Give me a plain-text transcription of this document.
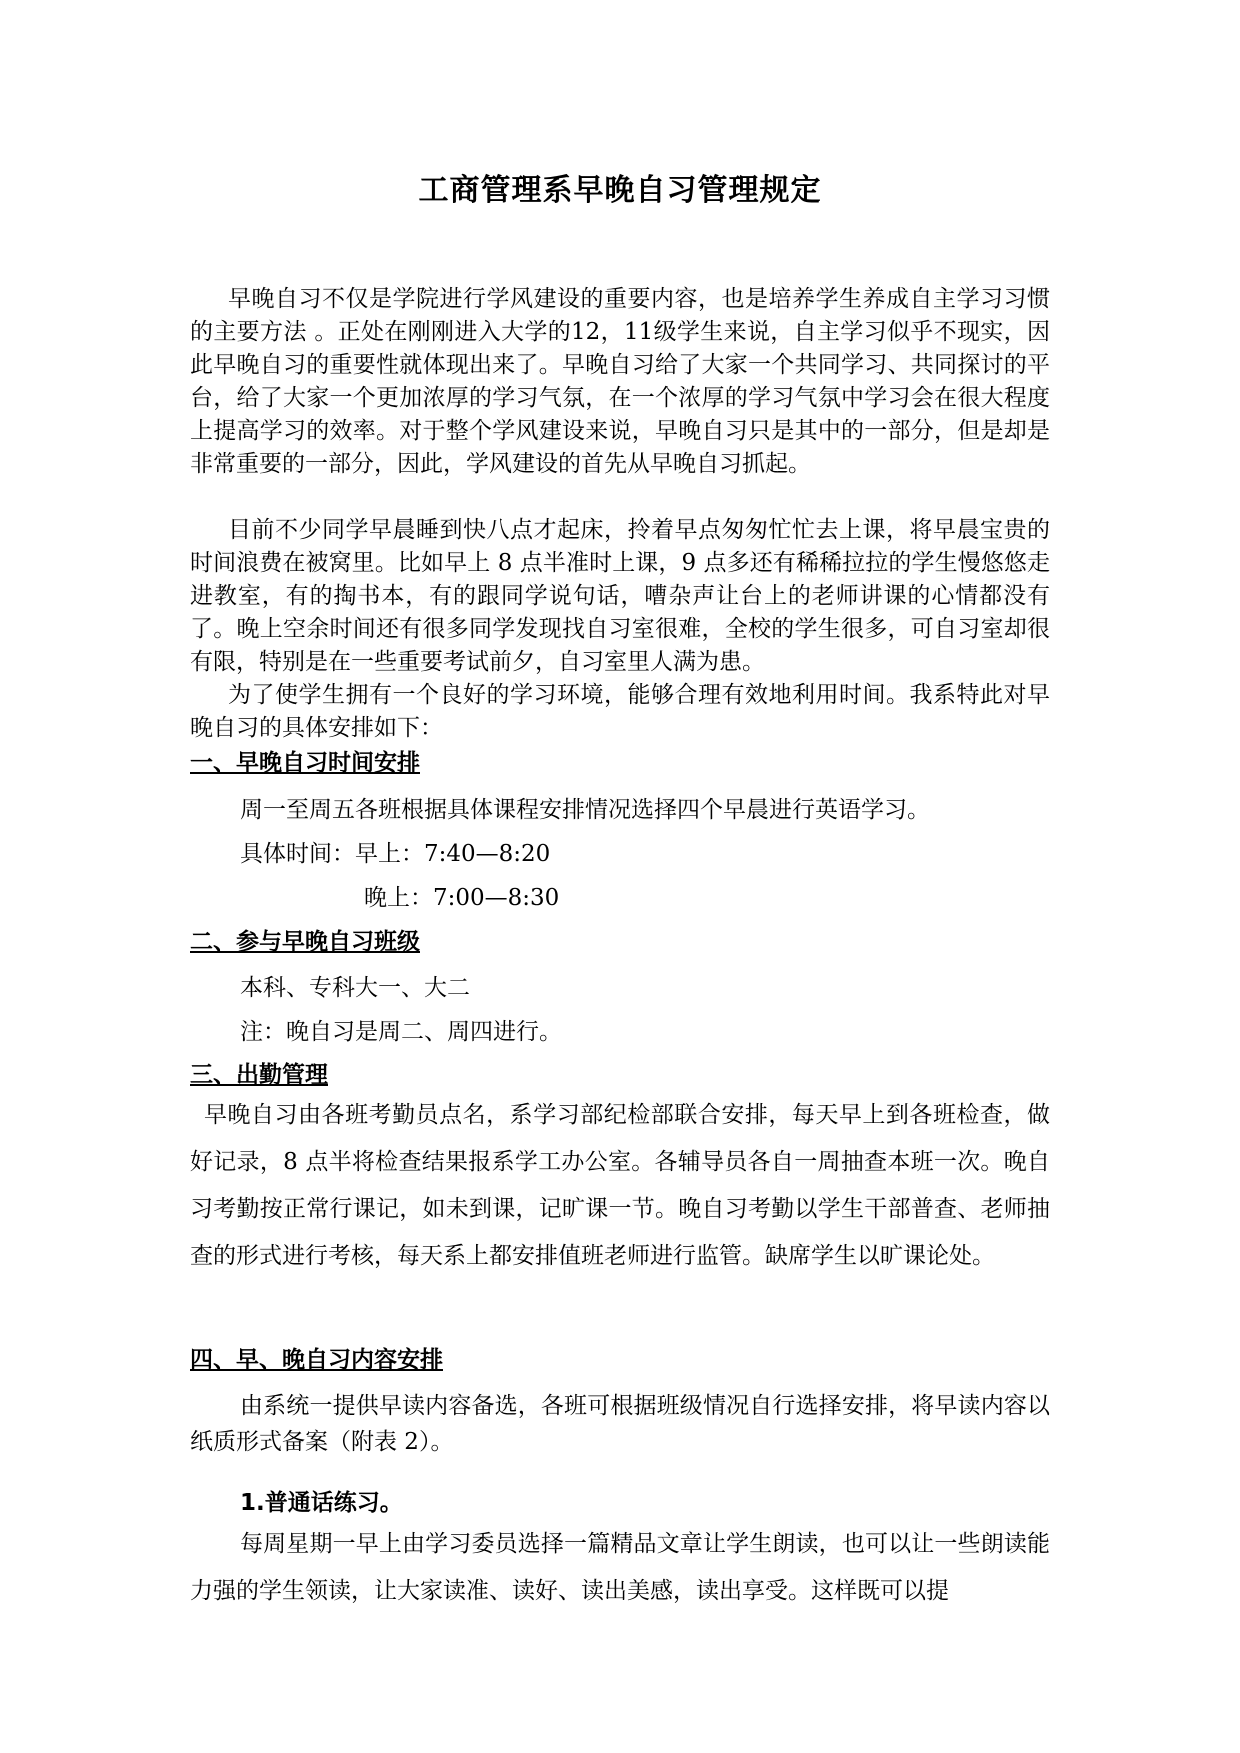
工商管理系早晚自习管理规定

早晚自习不仅是学院进行学风建设的重要内容，也是培养学生养成自主学习习惯的主要方法 。正处在刚刚进入大学的12，11级学生来说，自主学习似乎不现实，因此早晚自习的重要性就体现出来了。早晚自习给了大家一个共同学习、共同探讨的平台，给了大家一个更加浓厚的学习气氛，在一个浓厚的学习气氛中学习会在很大程度上提高学习的效率。对于整个学风建设来说，早晚自习只是其中的一部分，但是却是非常重要的一部分，因此，学风建设的首先从早晚自习抓起。

目前不少同学早晨睡到快八点才起床，拎着早点匆匆忙忙去上课，将早晨宝贵的时间浪费在被窝里。比如早上 8 点半准时上课，9 点多还有稀稀拉拉的学生慢悠悠走进教室，有的掏书本，有的跟同学说句话，嘈杂声让台上的老师讲课的心情都没有了。晚上空余时间还有很多同学发现找自习室很难，全校的学生很多，可自习室却很有限，特别是在一些重要考试前夕，自习室里人满为患。

为了使学生拥有一个良好的学习环境，能够合理有效地利用时间。我系特此对早晚自习的具体安排如下：

一、早晚自习时间安排
周一至周五各班根据具体课程安排情况选择四个早晨进行英语学习。
具体时间：早上：7:40—8:20
晚上：7:00—8:30
二、参与早晚自习班级
本科、专科大一、大二
注：晚自习是周二、周四进行。
三、出勤管理

早晚自习由各班考勤员点名，系学习部纪检部联合安排，每天早上到各班检查，做好记录，8 点半将检查结果报系学工办公室。各辅导员各自一周抽查本班一次。晚自习考勤按正常行课记，如未到课，记旷课一节。晚自习考勤以学生干部普查、老师抽查的形式进行考核，每天系上都安排值班老师进行监管。缺席学生以旷课论处。

四、早、晚自习内容安排

由系统一提供早读内容备选，各班可根据班级情况自行选择安排，将早读内容以纸质形式备案（附表 2）。

1.普通话练习。

每周星期一早上由学习委员选择一篇精品文章让学生朗读，也可以让一些朗读能力强的学生领读，让大家读准、读好、读出美感，读出享受。这样既可以提
